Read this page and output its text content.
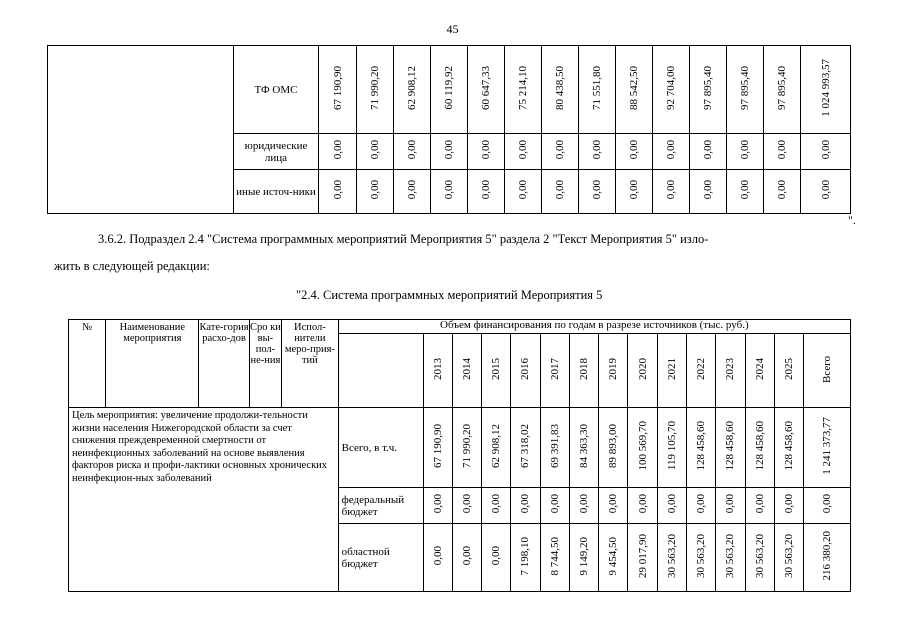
45
	ТФ ОМС	67 190,90	71 990,20	62 908,12	60 119,92	60 647,33	75 214,10	80 438,50	71 551,80	88 542,50	92 704,00	97 895,40	97 895,40	97 895,40	1 024 993,57
	юридические лица	0,00	0,00	0,00	0,00	0,00	0,00	0,00	0,00	0,00	0,00	0,00	0,00	0,00	0,00
	иные источ-ники	0,00	0,00	0,00	0,00	0,00	0,00	0,00	0,00	0,00	0,00	0,00	0,00	0,00	0,00
".
3.6.2. Подраздел 2.4 "Система программных мероприятий Мероприятия 5" раздела 2 "Текст Мероприятия 5" изло-
жить в следующей редакции:
"2.4. Система программных мероприятий Мероприятия 5
№	Наименование мероприятия	Кате-гория расхо-дов	Сро ки вы-пол-не-ния	Испол-нители меро-прия-тий	Объем финансирования по годам в разрезе источников (тыс. руб.)														
						2013	2014	2015	2016	2017	2018	2019	2020	2021	2022	2023	2024	2025	Всего
Цель мероприятия: увеличение продолжи-тельности жизни населения Нижегородской области за счет снижения преждевременной смертности от неинфекционных заболеваний на основе выявления факторов риска и профи-лактики основных хронических неинфекцион-ных заболеваний					Всего, в т.ч.	67 190,90	71 990,20	62 908,12	67 318,02	69 391,83	84 363,30	89 893,00	100 569,70	119 105,70	128 458,60	128 458,60	128 458,60	128 458,60	1 241 373,77
					федеральный бюджет	0,00	0,00	0,00	0,00	0,00	0,00	0,00	0,00	0,00	0,00	0,00	0,00	0,00	0,00
					областной бюджет	0,00	0,00	0,00	7 198,10	8 744,50	9 149,20	9 454,50	29 017,90	30 563,20	30 563,20	30 563,20	30 563,20	30 563,20	216 380,20
